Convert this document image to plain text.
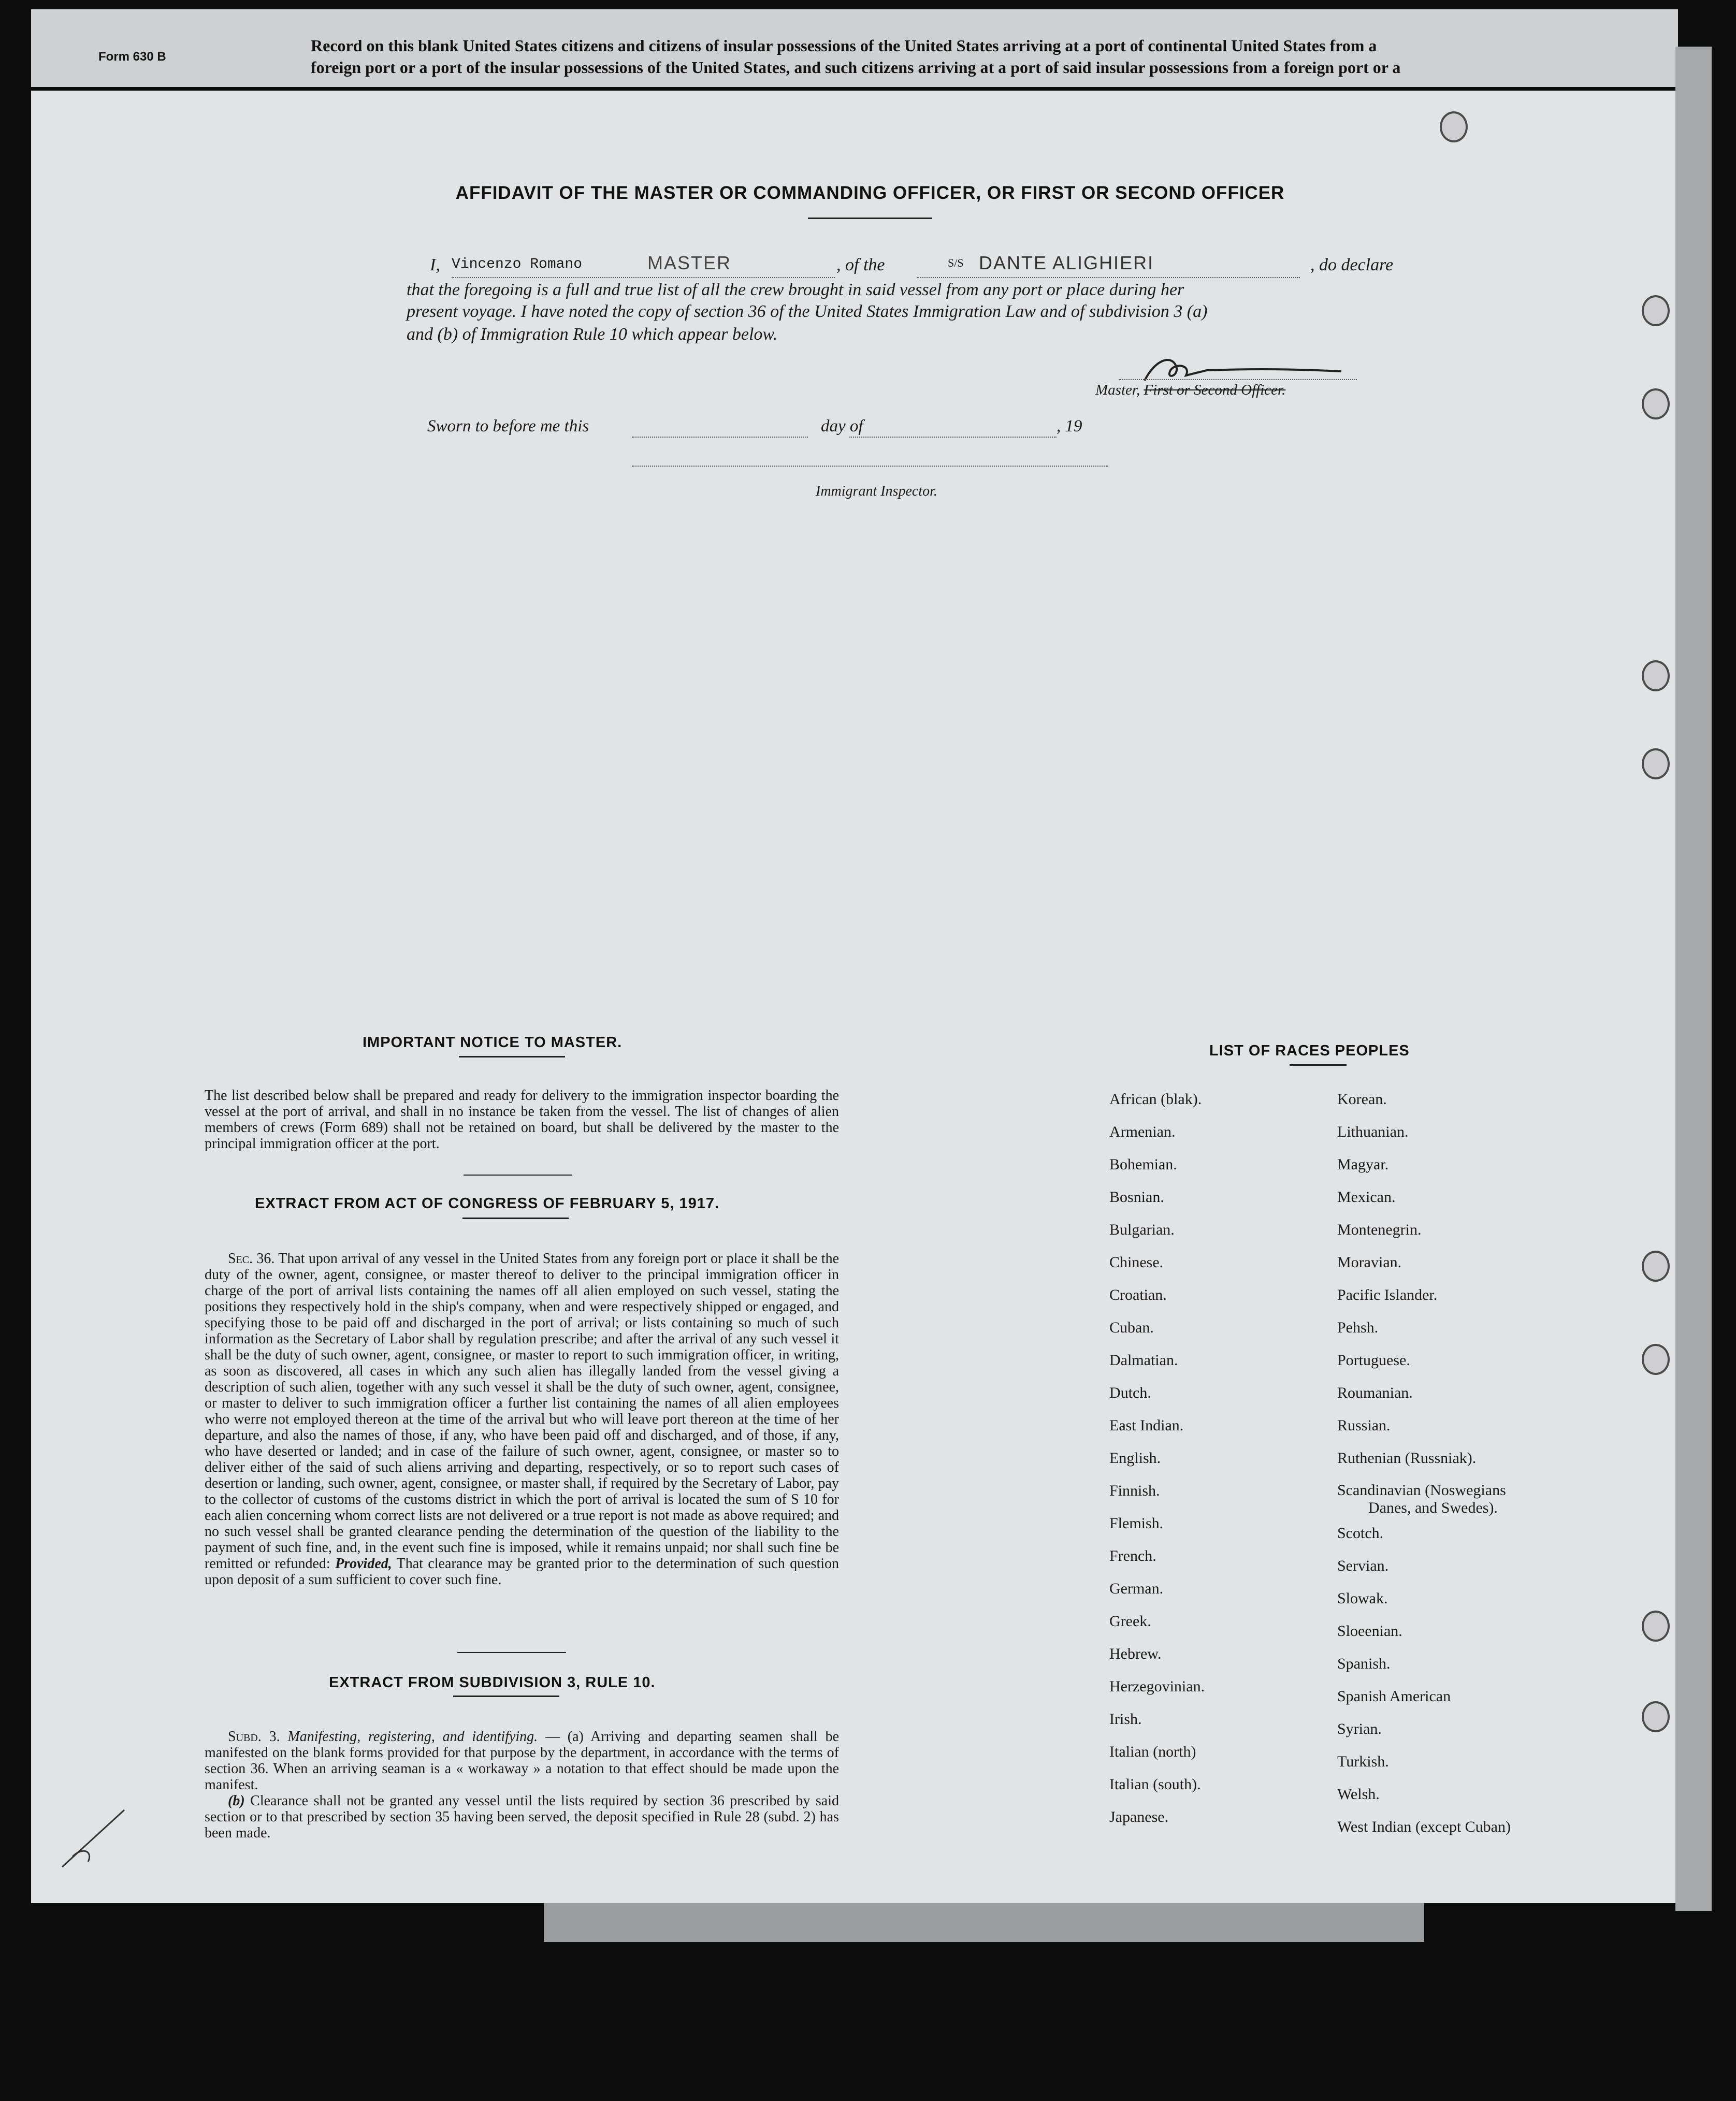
Form 630 B
Record on this blank United States citizens and citizens of insular possessions of the United States arriving at a port of continental United States from a
foreign port or a port of the insular possessions of the United States, and such citizens arriving at a port of said insular possessions from a foreign port or a
AFFIDAVIT OF THE MASTER OR COMMANDING OFFICER, OR FIRST OR SECOND OFFICER
I, Vincenzo Romano	MASTER	, of the	S/S DANTE ALIGHIERI	, do declare
that the foregoing is a full and true list of all the crew brought in said vessel from any port or place during her
present voyage. I have noted the copy of section 36 of the United States Immigration Law and of subdivision 3 (a)
and (b) of Immigration Rule 10 which appear below.
Master, First or Second Officer.
Sworn to before me this	day of	, 19
Immigrant Inspector.
IMPORTANT NOTICE TO MASTER.
The list described below shall be prepared and ready for delivery to the immigration inspector boarding the vessel at the port of arrival, and shall in no instance be taken from the vessel. The list of changes of alien members of crews (Form 689) shall not be retained on board, but shall be delivered by the master to the principal immigration officer at the port.
EXTRACT FROM ACT OF CONGRESS OF FEBRUARY 5, 1917.
Sec. 36. That upon arrival of any vessel in the United States from any foreign port or place it shall be the duty of the owner, agent, consignee, or master thereof to deliver to the principal immigration officer in charge of the port of arrival lists containing the names off all alien employed on such vessel, stating the positions they respectively hold in the ship's company, when and were respectively shipped or engaged, and specifying those to be paid off and discharged in the port of arrival; or lists containing so much of such information as the Secretary of Labor shall by regulation prescribe; and after the arrival of any such vessel it shall be the duty of such owner, agent, consignee, or master to report to such immigration officer, in writing, as soon as discovered, all cases in which any such alien has illegally landed from the vessel giving a description of such alien, together with any such vessel it shall be the duty of such owner, agent, consignee, or master to deliver to such immigration officer a further list containing the names of all alien employees who werre not employed thereon at the time of the arrival but who will leave port thereon at the time of her departure, and also the names of those, if any, who have been paid off and discharged, and of those, if any, who have deserted or landed; and in case of the failure of such owner, agent, consignee, or master so to deliver either of the said of such aliens arriving and departing, respectively, or so to report such cases of desertion or landing, such owner, agent, consignee, or master shall, if required by the Secretary of Labor, pay to the collector of customs of the customs district in which the port of arrival is located the sum of S 10 for each alien concerning whom correct lists are not delivered or a true report is not made as above required; and no such vessel shall be granted clearance pending the determination of the question of the liability to the payment of such fine, and, in the event such fine is imposed, while it remains unpaid; nor shall such fine be remitted or refunded: Provided, That clearance may be granted prior to the determination of such question upon deposit of a sum sufficient to cover such fine.
EXTRACT FROM SUBDIVISION 3, RULE 10.
Subd. 3. Manifesting, registering, and identifying. — (a) Arriving and departing seamen shall be manifested on the blank forms provided for that purpose by the department, in accordance with the terms of section 36. When an arriving seaman is a « workaway » a notation to that effect should be made upon the manifest.
(b) Clearance shall not be granted any vessel until the lists required by section 36 prescribed by said section or to that prescribed by section 35 having been served, the deposit specified in Rule 28 (subd. 2) has been made.
LIST OF RACES PEOPLES
African (blak).
Armenian.
Bohemian.
Bosnian.
Bulgarian.
Chinese.
Croatian.
Cuban.
Dalmatian.
Dutch.
East Indian.
English.
Finnish.
Flemish.
French.
German.
Greek.
Hebrew.
Herzegovinian.
Irish.
Italian (north)
Italian (south).
Japanese.
Korean.
Lithuanian.
Magyar.
Mexican.
Montenegrin.
Moravian.
Pacific Islander.
Pehsh.
Portuguese.
Roumanian.
Russian.
Ruthenian (Russniak).
Scandinavian (Noswegians
Danes, and Swedes).
Scotch.
Servian.
Slowak.
Sloeenian.
Spanish.
Spanish American
Syrian.
Turkish.
Welsh.
West Indian (except Cuban)
